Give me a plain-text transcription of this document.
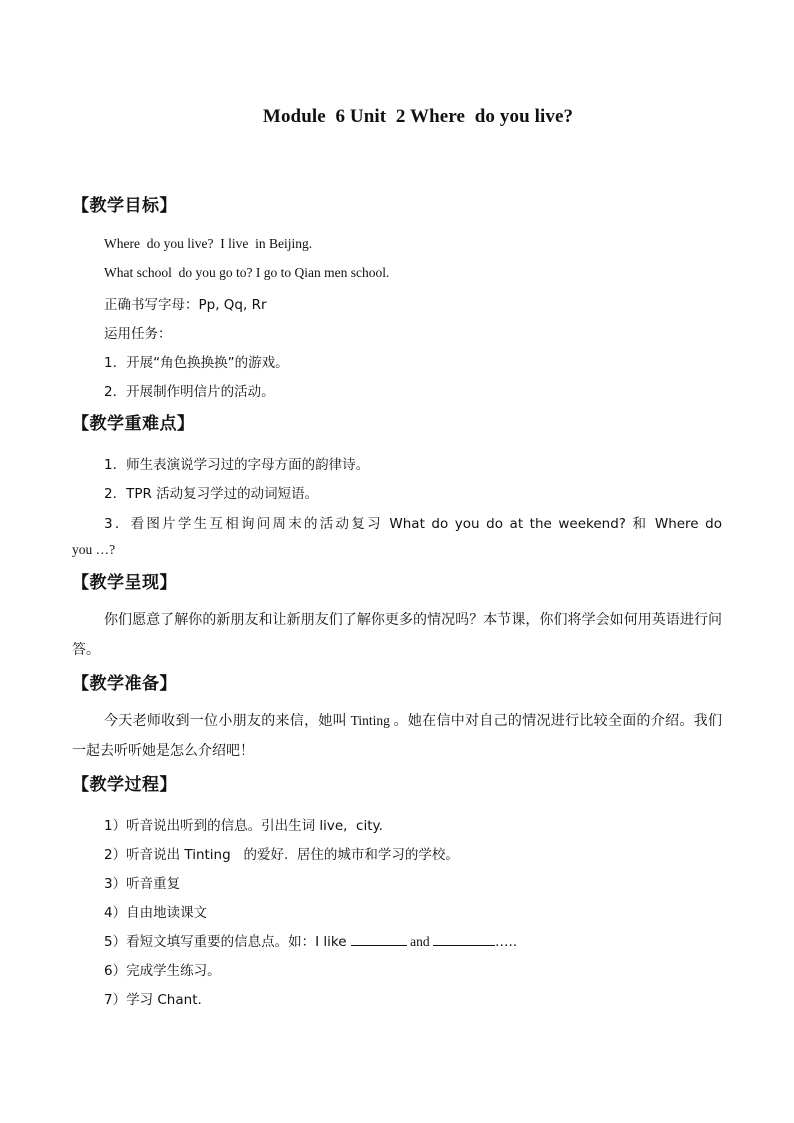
Module  6 Unit  2 Where  do you live?
【教学目标】
Where  do you live?  I live  in Beijing.
What school  do you go to? I go to Qian men school.
正确书写字母：Pp, Qq, Rr
运用任务：
1．开展“角色换换换”的游戏。
2．开展制作明信片的活动。
【教学重难点】
1．师生表演说学习过的字母方面的韵律诗。
2．TPR 活动复习学过的动词短语。
3．看图片学生互相询问周末的活动复习 What do you do at the weekend? 和 Where do
you …?
【教学呈现】
你们愿意了解你的新朋友和让新朋友们了解你更多的情况吗？本节课，你们将学会如何用英语进行问答。
【教学准备】
今天老师收到一位小朋友的来信，她叫 Tinting 。她在信中对自己的情况进行比较全面的介绍。我们一起去听听她是怎么介绍吧！
【教学过程】
1）听音说出听到的信息。引出生词 live,  city.
2）听音说出 Tinting   的爱好.  居住的城市和学习的学校。
3）听音重复
4）自由地读课文
5）看短文填写重要的信息点。如：I like	and	…..
6）完成学生练习。
7）学习 Chant.
